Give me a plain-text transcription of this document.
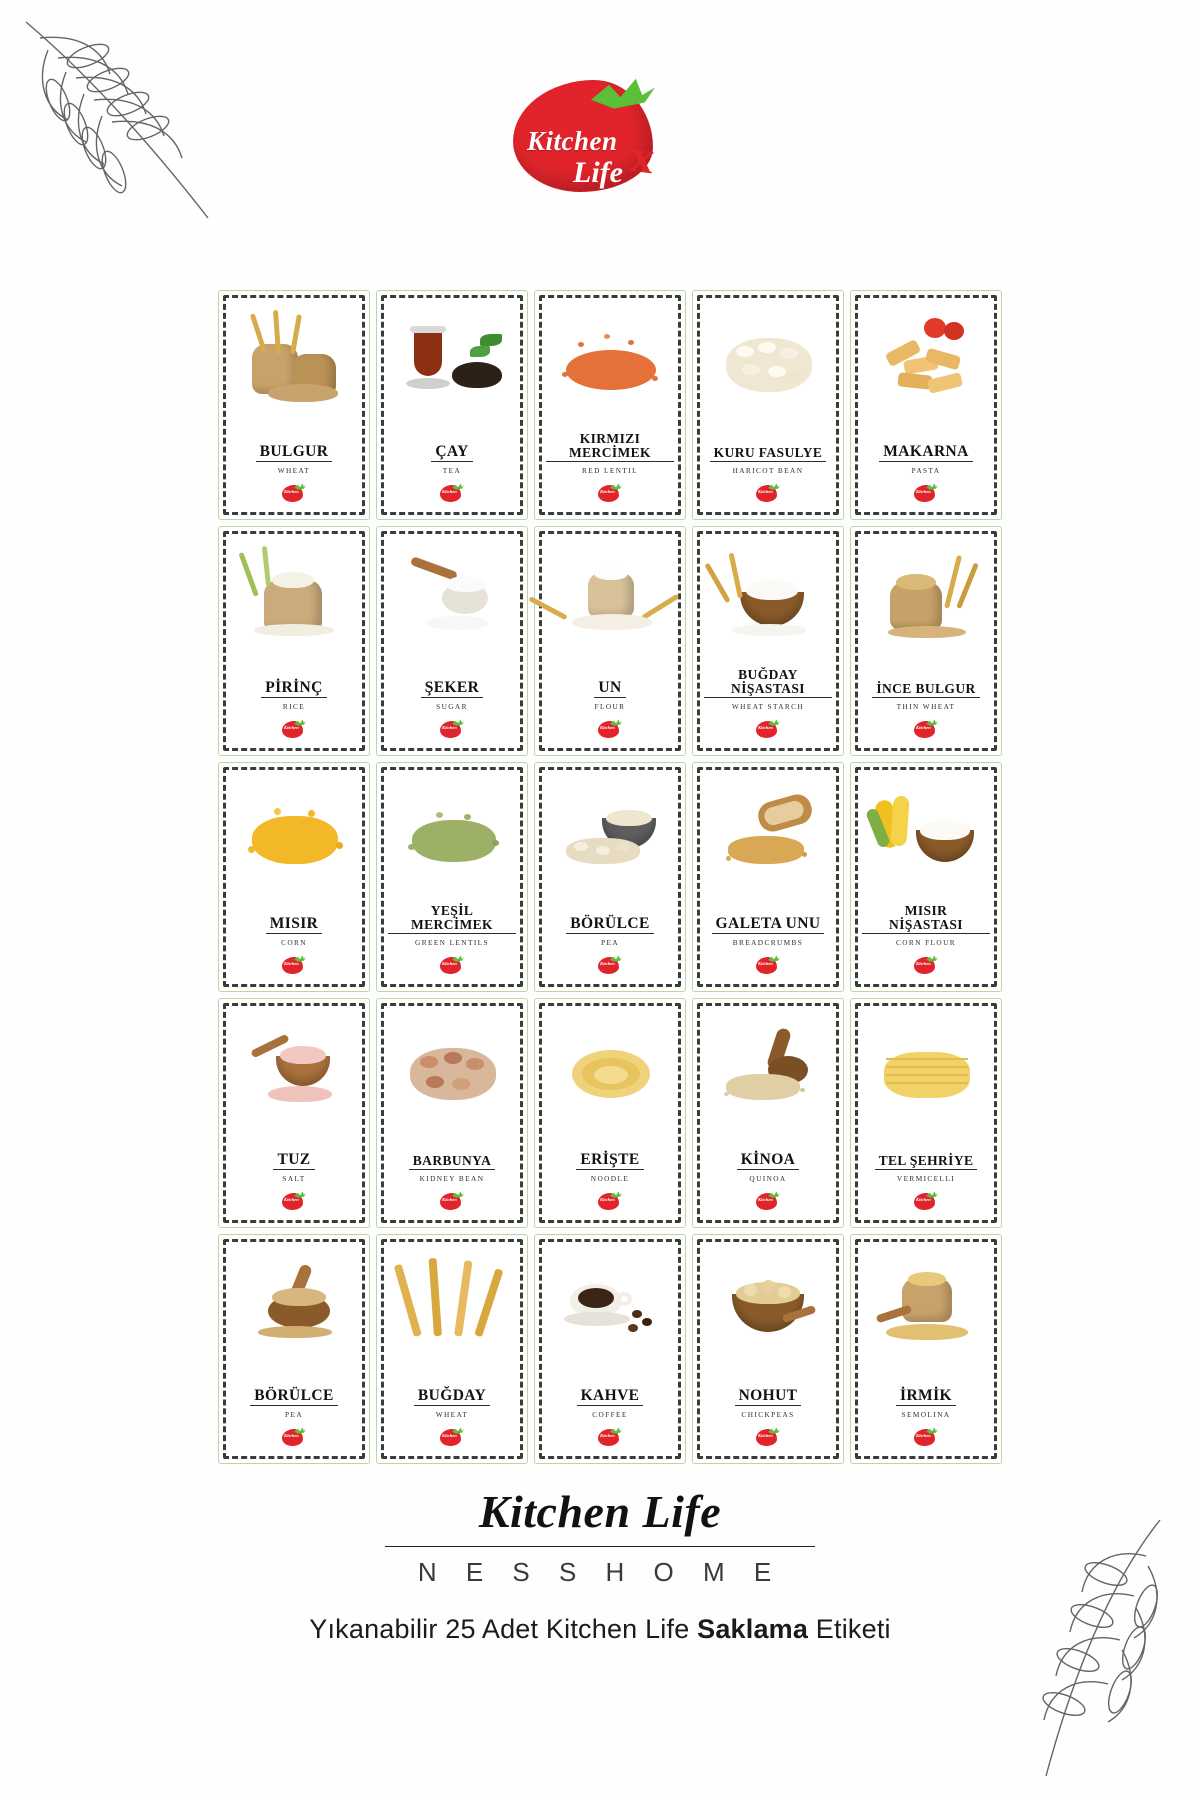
Kitchen
Life x
BULGUR
WHEAT
Kitchen
ÇAY
TEA
Kitchen
KIRMIZI MERCİMEK
RED LENTIL
Kitchen
KURU FASULYE
HARICOT BEAN
Kitchen
MAKARNA
PASTA
Kitchen
PİRİNÇ
RICE
Kitchen
ŞEKER
SUGAR
Kitchen
UN
FLOUR
Kitchen
BUĞDAY NİŞASTASI
WHEAT STARCH
Kitchen
İNCE BULGUR
THIN WHEAT
Kitchen
MISIR
CORN
Kitchen
YEŞİL MERCİMEK
GREEN LENTILS
Kitchen
BÖRÜLCE
PEA
Kitchen
GALETA UNU
BREADCRUMBS
Kitchen
MISIR NİŞASTASI
CORN FLOUR
Kitchen
TUZ
SALT
Kitchen
BARBUNYA
KIDNEY BEAN
Kitchen
ERİŞTE
NOODLE
Kitchen
KİNOA
QUINOA
Kitchen
TEL ŞEHRİYE
VERMICELLI
Kitchen
BÖRÜLCE
PEA
Kitchen
BUĞDAY
WHEAT
Kitchen
KAHVE
COFFEE
Kitchen
NOHUT
CHICKPEAS
Kitchen
İRMİK
SEMOLINA
Kitchen
Kitchen Life
N E S S H O M E
Yıkanabilir 25 Adet Kitchen Life Saklama Etiketi
